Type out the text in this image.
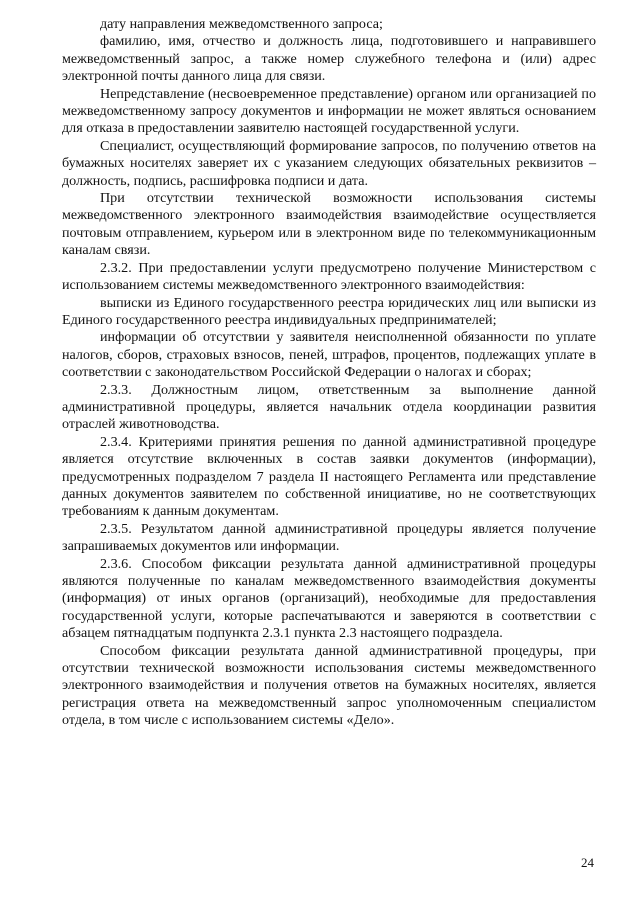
дату направления межведомственного запроса;

фамилию, имя, отчество и должность лица, подготовившего и направившего межведомственный запрос, а также номер служебного телефона и (или) адрес электронной почты данного лица для связи.

Непредставление (несвоевременное представление) органом или организацией по межведомственному запросу документов и информации не может являться основанием для отказа в предоставлении заявителю настоящей государственной услуги.

Специалист, осуществляющий формирование запросов, по получению ответов на бумажных носителях заверяет их с указанием следующих обязательных реквизитов – должность, подпись, расшифровка подписи и дата.

При отсутствии технической возможности использования системы межведомственного электронного взаимодействия взаимодействие осуществляется почтовым отправлением, курьером или в электронном виде по телекоммуникационным каналам связи.

2.3.2. При предоставлении услуги предусмотрено получение Министерством с использованием системы межведомственного электронного взаимодействия:

выписки из Единого государственного реестра юридических лиц или выписки из Единого государственного реестра индивидуальных предпринимателей;

информации об отсутствии у заявителя неисполненной обязанности по уплате налогов, сборов, страховых взносов, пеней, штрафов, процентов, подлежащих уплате в соответствии с законодательством Российской Федерации о налогах и сборах;

2.3.3. Должностным лицом, ответственным за выполнение данной административной процедуры, является начальник отдела координации развития отраслей животноводства.

2.3.4. Критериями принятия решения по данной административной процедуре является отсутствие включенных в состав заявки документов (информации), предусмотренных подразделом 7 раздела II настоящего Регламента или представление данных документов заявителем по собственной инициативе, но не соответствующих требованиям к данным документам.

2.3.5. Результатом данной административной процедуры является получение запрашиваемых документов или информации.

2.3.6. Способом фиксации результата данной административной процедуры являются полученные по каналам межведомственного взаимодействия документы (информация) от иных органов (организаций), необходимые для предоставления государственной услуги, которые распечатываются и заверяются в соответствии с абзацем пятнадцатым подпункта 2.3.1 пункта 2.3 настоящего подраздела.

Способом фиксации результата данной административной процедуры, при отсутствии технической возможности использования системы межведомственного электронного взаимодействия и получения ответов на бумажных носителях, является регистрация ответа на межведомственный запрос уполномоченным специалистом отдела, в том числе с использованием системы «Дело».

24
